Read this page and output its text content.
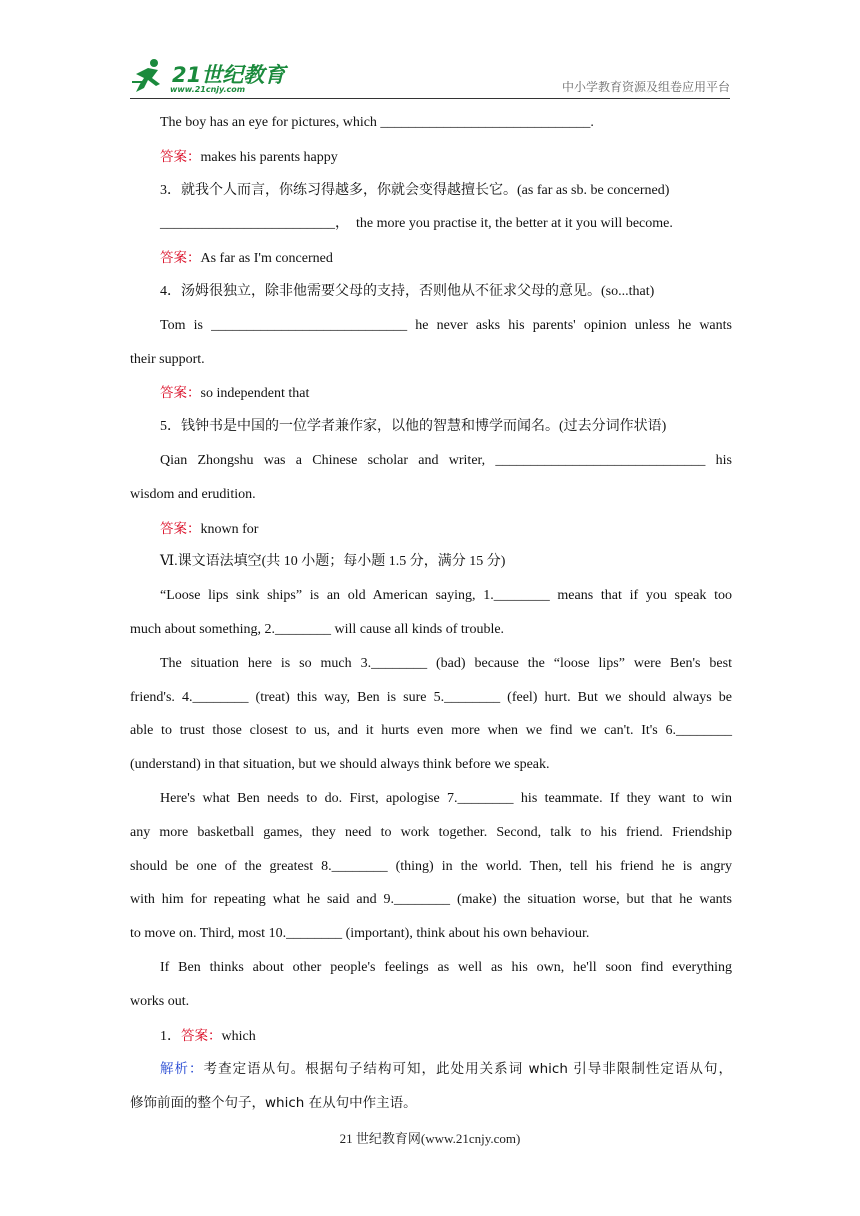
21世纪教育
www.21cnjy.com	中小学教育资源及组卷应用平台
The boy has an eye for pictures, which ______________________________.
答案：makes his parents happy
3．就我个人而言，你练习得越多，你就会变得越擅长它。(as far as sb. be concerned)
_________________________，　the more you practise it, the better at it you will become.
答案：As far as I'm concerned
4．汤姆很独立，除非他需要父母的支持，否则他从不征求父母的意见。(so...that)
Tom is ____________________________ he never asks his parents' opinion unless he wants
their support.
答案：so independent that
5．钱钟书是中国的一位学者兼作家，以他的智慧和博学而闻名。(过去分词作状语)
Qian Zhongshu was a Chinese scholar and writer, ______________________________ his
wisdom and erudition.
答案：known for
Ⅵ.课文语法填空(共 10 小题；每小题 1.5 分，满分 15 分)
“Loose lips sink ships” is an old American saying, 1.________ means that if you speak too
much about something, 2.________ will cause all kinds of trouble.
The situation here is so much 3.________ (bad) because the “loose lips” were Ben's best
friend's. 4.________ (treat) this way, Ben is sure 5.________ (feel) hurt. But we should always be
able to trust those closest to us, and it hurts even more when we find we can't. It's 6.________
(understand) in that situation, but we should always think before we speak.
Here's what Ben needs to do. First, apologise 7.________ his teammate. If they want to win
any more basketball games, they need to work together. Second, talk to his friend. Friendship
should be one of the greatest 8.________ (thing) in the world. Then, tell his friend he is angry
with him for repeating what he said and 9.________ (make) the situation worse, but that he wants
to move on. Third, most 10.________ (important), think about his own behaviour.
If Ben thinks about other people's feelings as well as his own, he'll soon find everything
works out.
1．答案：which
解析：考查定语从句。根据句子结构可知，此处用关系词 which 引导非限制性定语从句，
修饰前面的整个句子，which 在从句中作主语。
21 世纪教育网(www.21cnjy.com)
